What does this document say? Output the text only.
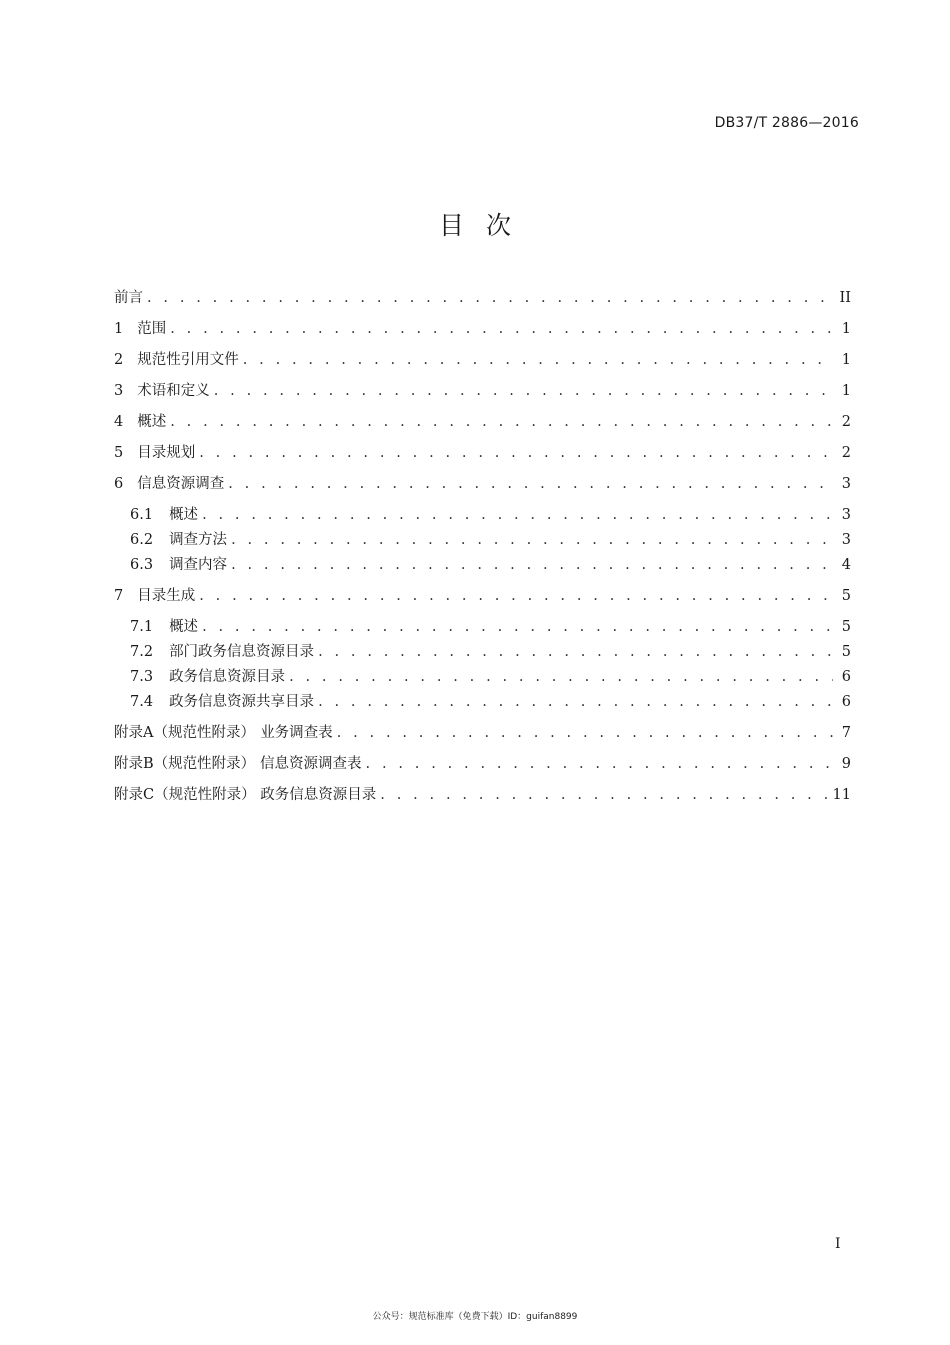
DB37/T 2886—2016
目次
前言 . . .	II
1 范围 . . .	1
2 规范性引用文件 . . .	1
3 术语和定义 . . .	1
4 概述 . . .	2
5 目录规划 . . .	2
6 信息资源调查 . . .	3
6.1 概述 . . .	3
6.2 调查方法 . . .	3
6.3 调查内容 . . .	4
7 目录生成 . . .	5
7.1 概述 . . .	5
7.2 部门政务信息资源目录 . . .	5
7.3 政务信息资源目录 . . .	6
7.4 政务信息资源共享目录 . . .	6
附录A（规范性附录） 业务调查表 . . .	7
附录B（规范性附录） 信息资源调查表 . . .	9
附录C（规范性附录） 政务信息资源目录 . . .	11
I
公众号：规范标准库（免费下载）ID：guifan8899
